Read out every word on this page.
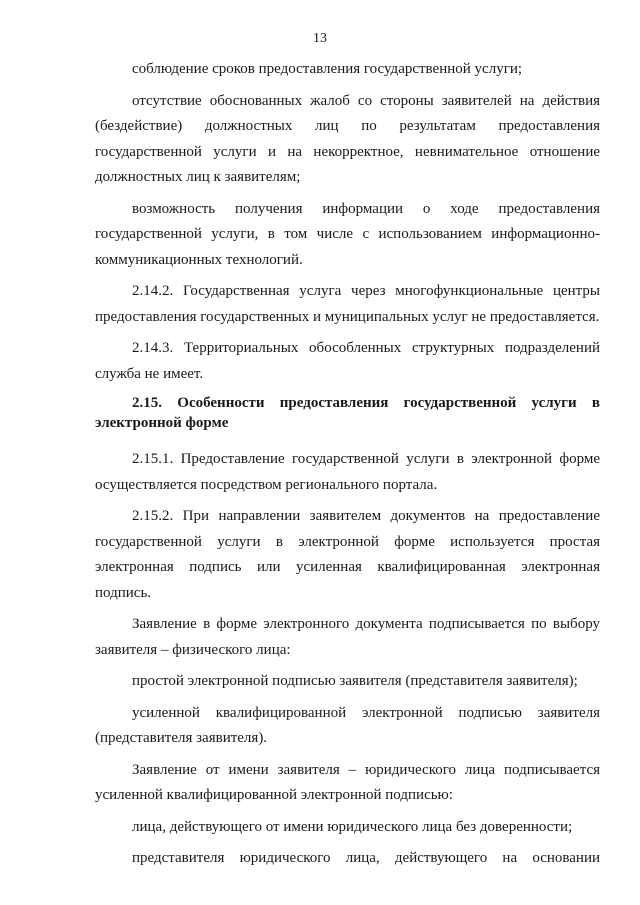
13

соблюдение сроков предоставления государственной услуги;

отсутствие обоснованных жалоб со стороны заявителей на действия (бездействие) должностных лиц по результатам предоставления государственной услуги и на некорректное, невнимательное отношение должностных лиц к заявителям;

возможность получения информации о ходе предоставления государственной услуги, в том числе с использованием информационно-коммуникационных технологий.

2.14.2. Государственная услуга через многофункциональные центры предоставления государственных и муниципальных услуг не предоставляется.

2.14.3. Территориальных обособленных структурных подразделений служба не имеет.

2.15. Особенности предоставления государственной услуги в электронной форме

2.15.1. Предоставление государственной услуги в электронной форме осуществляется посредством регионального портала.

2.15.2. При направлении заявителем документов на предоставление государственной услуги в электронной форме используется простая электронная подпись или усиленная квалифицированная электронная подпись.

Заявление в форме электронного документа подписывается по выбору заявителя – физического лица:

простой электронной подписью заявителя (представителя заявителя);

усиленной квалифицированной электронной подписью заявителя (представителя заявителя).

Заявление от имени заявителя – юридического лица подписывается усиленной квалифицированной электронной подписью:

лица, действующего от имени юридического лица без доверенности;

представителя юридического лица, действующего на основании
